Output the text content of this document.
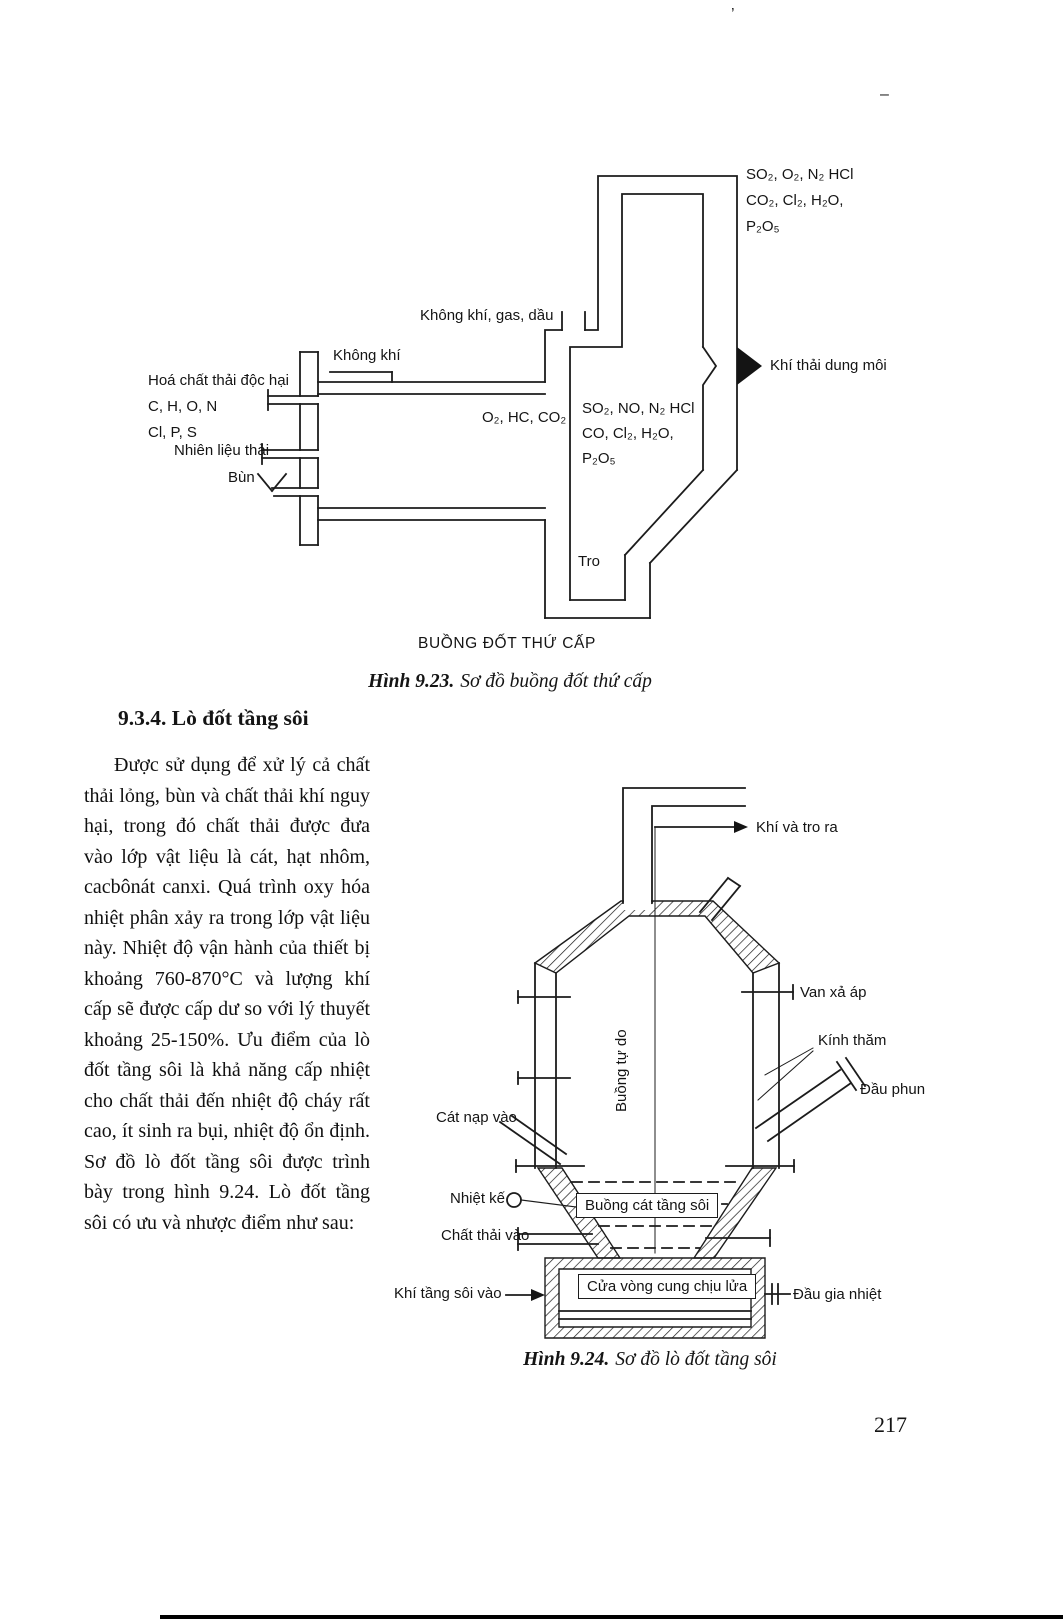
SO₂, O₂, N₂ HCl
CO₂, Cl₂, H₂O,
P₂O₅
Không khí, gas, dầu
Không khí
Khí thải dung môi
Hoá chất thải độc hại
C, H, O, N
Cl, P, S
Nhiên liệu thải
Bùn
O₂, HC, CO₂
SO₂, NO, N₂ HCl
CO, Cl₂, H₂O,
P₂O₅
Tro
BUỒNG ĐỐT THỨ CẤP
Hình 9.23. Sơ đồ buồng đốt thứ cấp
9.3.4. Lò đốt tầng sôi
Được sử dụng để xử lý cả chất thải lỏng, bùn và chất thải khí nguy hại, trong đó chất thải được đưa vào lớp vật liệu là cát, hạt nhôm, cacbônát canxi. Quá trình oxy hóa nhiệt phân xảy ra trong lớp vật liệu này. Nhiệt độ vận hành của thiết bị khoảng 760-870°C và lượng khí cấp sẽ được cấp dư so với lý thuyết khoảng 25-150%. Ưu điểm của lò đốt tầng sôi là khả năng cấp nhiệt cho chất thải đến nhiệt độ cháy rất cao, ít sinh ra bụi, nhiệt độ ổn định. Sơ đồ lò đốt tầng sôi được trình bày trong hình 9.24. Lò đốt tầng sôi có ưu và nhược điểm như sau:
Khí và tro ra
Van xả áp
Kính thăm
Đầu phun
Buồng tự do
Cát nạp vào
Nhiệt kế	Buồng cát tầng sôi
Chất thải vào
Khí tầng sôi vào	Cửa vòng cung chịu lửa	Đầu gia nhiệt
Hình 9.24. Sơ đồ lò đốt tầng sôi
217
’
–
